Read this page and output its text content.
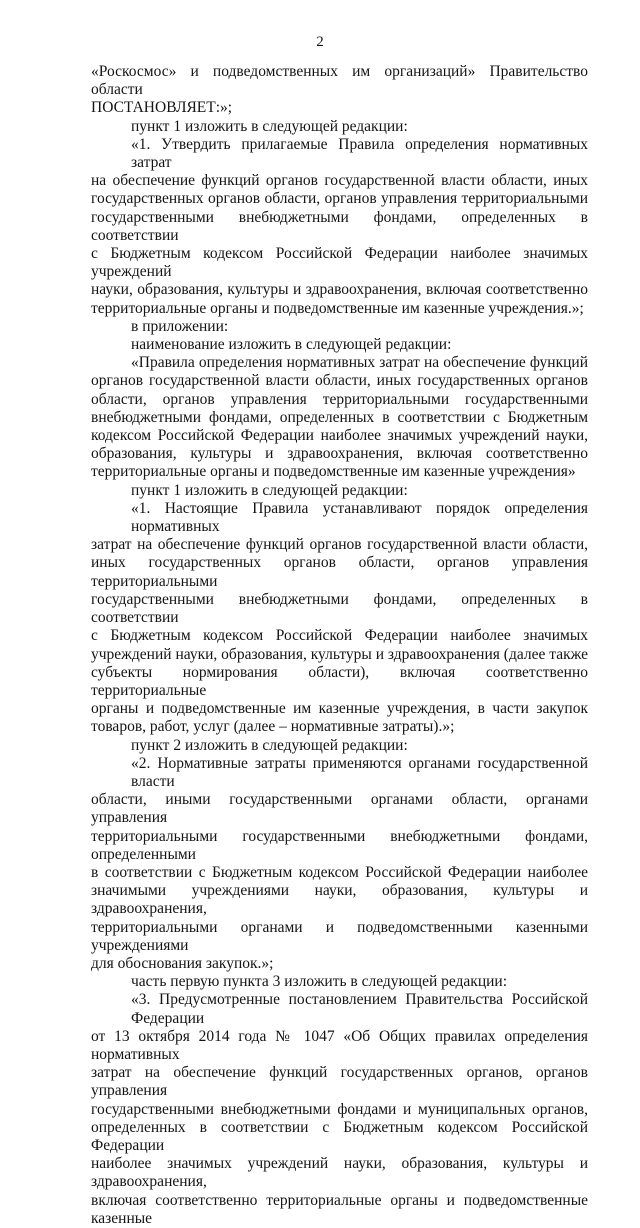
2
«Роскосмос» и подведомственных им организаций» Правительство области
ПОСТАНОВЛЯЕТ:»;
пункт 1 изложить в следующей редакции:
«1. Утвердить прилагаемые Правила определения нормативных затрат
на обеспечение функций органов государственной власти области, иных
государственных органов области, органов управления территориальными
государственными внебюджетными фондами, определенных в соответствии
с Бюджетным кодексом Российской Федерации наиболее значимых учреждений
науки, образования, культуры и здравоохранения, включая соответственно
территориальные органы и подведомственные им казенные учреждения.»;
в приложении:
наименование изложить в следующей редакции:
«Правила определения нормативных затрат на обеспечение функций
органов государственной власти области, иных государственных органов
области, органов управления территориальными государственными
внебюджетными фондами, определенных в соответствии с Бюджетным
кодексом Российской Федерации наиболее значимых учреждений науки,
образования, культуры и здравоохранения, включая соответственно
территориальные органы и подведомственные им казенные учреждения»
пункт 1 изложить в следующей редакции:
«1. Настоящие Правила устанавливают порядок определения нормативных
затрат на обеспечение функций органов государственной власти области,
иных государственных органов области, органов управления территориальными
государственными внебюджетными фондами, определенных в соответствии
с Бюджетным кодексом Российской Федерации наиболее значимых
учреждений науки, образования, культуры и здравоохранения (далее также
субъекты нормирования области), включая соответственно территориальные
органы и подведомственные им казенные учреждения, в части закупок
товаров, работ, услуг (далее – нормативные затраты).»;
пункт 2 изложить в следующей редакции:
«2. Нормативные затраты применяются органами государственной власти
области, иными государственными органами области, органами управления
территориальными государственными внебюджетными фондами, определенными
в соответствии с Бюджетным кодексом Российской Федерации наиболее
значимыми учреждениями науки, образования, культуры и здравоохранения,
территориальными органами и подведомственными казенными учреждениями
для обоснования закупок.»;
часть первую пункта 3 изложить в следующей редакции:
«3. Предусмотренные постановлением Правительства Российской Федерации
от 13 октября 2014 года № 1047 «Об Общих правилах определения нормативных
затрат на обеспечение функций государственных органов, органов управления
государственными внебюджетными фондами и муниципальных органов,
определенных в соответствии с Бюджетным кодексом Российской Федерации
наиболее значимых учреждений науки, образования, культуры и здравоохранения,
включая соответственно территориальные органы и подведомственные казенные
